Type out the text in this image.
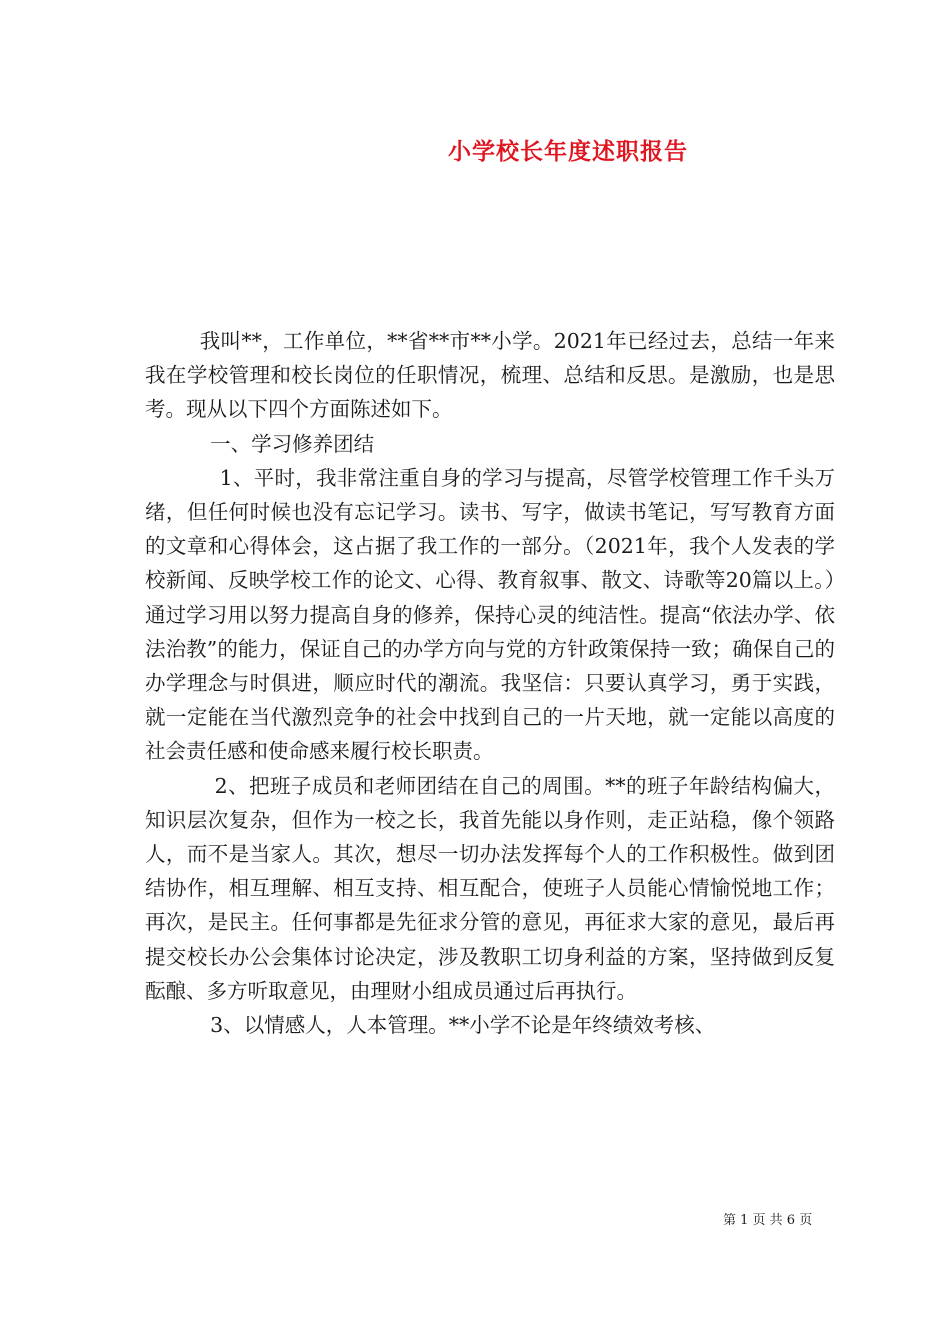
小学校长年度述职报告

我叫**，工作单位，**省**市**小学。2021年已经过去，总结一年来我在学校管理和校长岗位的任职情况，梳理、总结和反思。是激励，也是思考。现从以下四个方面陈述如下。

一、学习修养团结

1、平时，我非常注重自身的学习与提高，尽管学校管理工作千头万绪，但任何时候也没有忘记学习。读书、写字，做读书笔记，写写教育方面的文章和心得体会，这占据了我工作的一部分。（2021年，我个人发表的学校新闻、反映学校工作的论文、心得、教育叙事、散文、诗歌等20篇以上。）通过学习用以努力提高自身的修养，保持心灵的纯洁性。提高“依法办学、依法治教”的能力，保证自己的办学方向与党的方针政策保持一致；确保自己的办学理念与时俱进，顺应时代的潮流。我坚信：只要认真学习，勇于实践，就一定能在当代激烈竞争的社会中找到自己的一片天地，就一定能以高度的社会责任感和使命感来履行校长职责。

2、把班子成员和老师团结在自己的周围。**的班子年龄结构偏大，知识层次复杂，但作为一校之长，我首先能以身作则，走正站稳，像个领路人，而不是当家人。其次，想尽一切办法发挥每个人的工作积极性。做到团结协作，相互理解、相互支持、相互配合，使班子人员能心情愉悦地工作；再次，是民主。任何事都是先征求分管的意见，再征求大家的意见，最后再提交校长办公会集体讨论决定，涉及教职工切身利益的方案，坚持做到反复酝酿、多方听取意见，由理财小组成员通过后再执行。

3、以情感人，人本管理。**小学不论是年终绩效考核、

第 1 页 共 6 页
